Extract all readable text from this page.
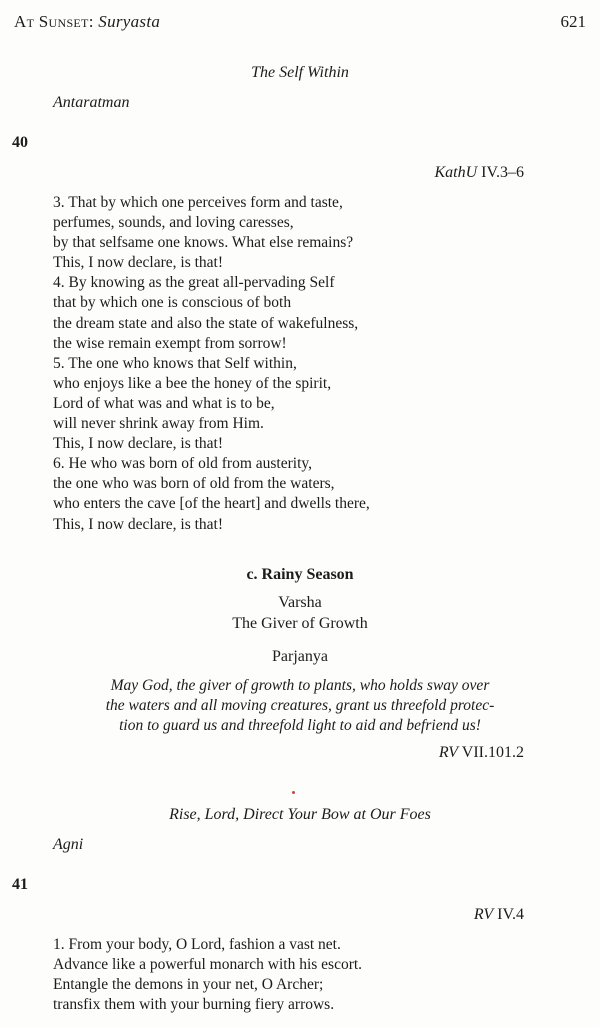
At Sunset: Suryasta	621
The Self Within
Antaratman
40
KathU IV.3–6
3. That by which one perceives form and taste,
perfumes, sounds, and loving caresses,
by that selfsame one knows. What else remains?
This, I now declare, is that!
4. By knowing as the great all-pervading Self
that by which one is conscious of both
the dream state and also the state of wakefulness,
the wise remain exempt from sorrow!
5. The one who knows that Self within,
who enjoys like a bee the honey of the spirit,
Lord of what was and what is to be,
will never shrink away from Him.
This, I now declare, is that!
6. He who was born of old from austerity,
the one who was born of old from the waters,
who enters the cave [of the heart] and dwells there,
This, I now declare, is that!
c. Rainy Season
Varsha
The Giver of Growth
Parjanya
May God, the giver of growth to plants, who holds sway over
the waters and all moving creatures, grant us threefold protec-
tion to guard us and threefold light to aid and befriend us!
RV VII.101.2
Rise, Lord, Direct Your Bow at Our Foes
Agni
41
RV IV.4
1. From your body, O Lord, fashion a vast net.
Advance like a powerful monarch with his escort.
Entangle the demons in your net, O Archer;
transfix them with your burning fiery arrows.
